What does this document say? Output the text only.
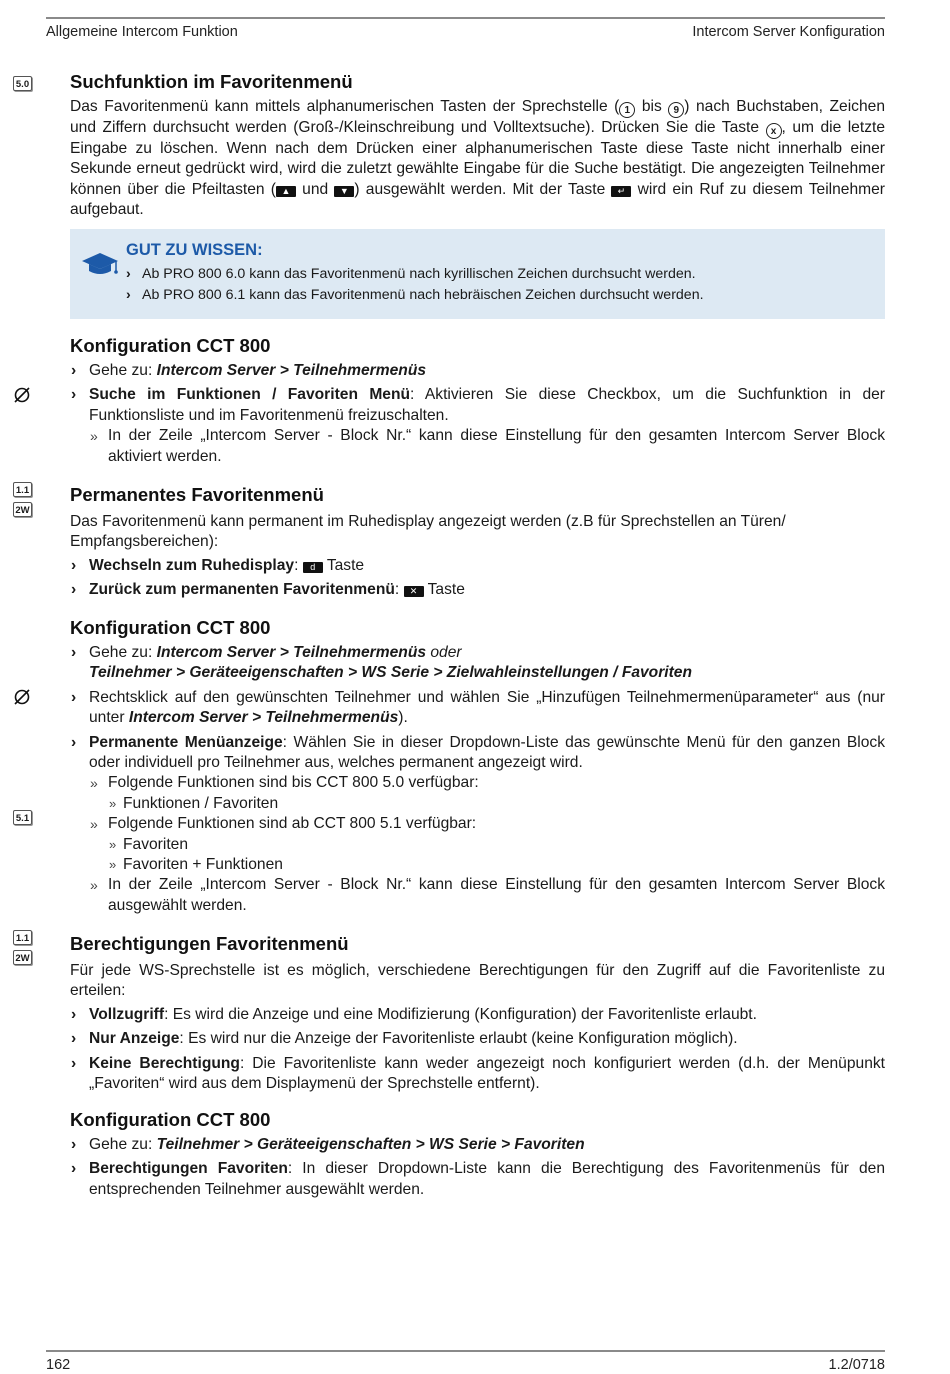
Allgemeine Intercom Funktion	Intercom Server Konfiguration
5.0
1.1
2W
5.1
1.1
2W
Suchfunktion im Favoritenmenü

Das Favoritenmenü kann mittels alphanumerischen Tasten der Sprechstelle ( 1 bis 9 ) nach Buchstaben, Zeichen und Ziffern durchsucht werden (Groß-/Kleinschreibung und Volltextsuche). Drücken Sie die Taste x , um die letzte Eingabe zu löschen. Wenn nach dem Drücken einer alphanumerischen Taste diese Taste nicht innerhalb einer Sekunde erneut gedrückt wird, wird die zuletzt gewählte Eingabe für die Suche bestätigt. Die angezeigten Teilnehmer können über die Pfeiltasten ( ▲ und ▼ ) ausgewählt werden. Mit der Taste ↵ wird ein Ruf zu diesem Teilnehmer aufgebaut.

GUT ZU WISSEN:
› Ab PRO 800 6.0 kann das Favoritenmenü nach kyrillischen Zeichen durchsucht werden.
› Ab PRO 800 6.1 kann das Favoritenmenü nach hebräischen Zeichen durchsucht werden.
Konfiguration CCT 800
› Gehe zu: Intercom Server > Teilnehmermenüs
› Suche im Funktionen / Favoriten Menü: Aktivieren Sie diese Checkbox, um die Suchfunktion in der Funktionsliste und im Favoritenmenü freizuschalten.
» In der Zeile „Intercom Server - Block Nr.“ kann diese Einstellung für den gesamten Intercom Server Block aktiviert werden.
Permanentes Favoritenmenü

Das Favoritenmenü kann permanent im Ruhedisplay angezeigt werden (z.B für Sprechstellen an Türen/ Empfangsbereichen):

› Wechseln zum Ruhedisplay: d Taste
› Zurück zum permanenten Favoritenmenü: ✕ Taste
Konfiguration CCT 800
› Gehe zu: Intercom Server > Teilnehmermenüs oder
Teilnehmer > Geräteeigenschaften > WS Serie > Zielwahleinstellungen / Favoriten
› Rechtsklick auf den gewünschten Teilnehmer und wählen Sie „Hinzufügen Teilnehmermenüparameter“ aus (nur unter Intercom Server > Teilnehmermenüs).
› Permanente Menüanzeige: Wählen Sie in dieser Dropdown-Liste das gewünschte Menü für den ganzen Block oder individuell pro Teilnehmer aus, welches permanent angezeigt wird.
» Folgende Funktionen sind bis CCT 800 5.0 verfügbar:
» Funktionen / Favoriten
» Folgende Funktionen sind ab CCT 800 5.1 verfügbar:
» Favoriten
» Favoriten + Funktionen
» In der Zeile „Intercom Server - Block Nr.“ kann diese Einstellung für den gesamten Intercom Server Block ausgewählt werden.
Berechtigungen Favoritenmenü

Für jede WS-Sprechstelle ist es möglich, verschiedene Berechtigungen für den Zugriff auf die Favoritenliste zu erteilen:

› Vollzugriff: Es wird die Anzeige und eine Modifizierung (Konfiguration) der Favoritenliste erlaubt.
› Nur Anzeige: Es wird nur die Anzeige der Favoritenliste erlaubt (keine Konfiguration möglich).
› Keine Berechtigung: Die Favoritenliste kann weder angezeigt noch konfiguriert werden (d.h. der Menüpunkt „Favoriten“ wird aus dem Displaymenü der Sprechstelle entfernt).
Konfiguration CCT 800
› Gehe zu: Teilnehmer > Geräteeigenschaften > WS Serie > Favoriten
› Berechtigungen Favoriten: In dieser Dropdown-Liste kann die Berechtigung des Favoritenmenüs für den entsprechenden Teilnehmer ausgewählt werden.
162	1.2/0718
